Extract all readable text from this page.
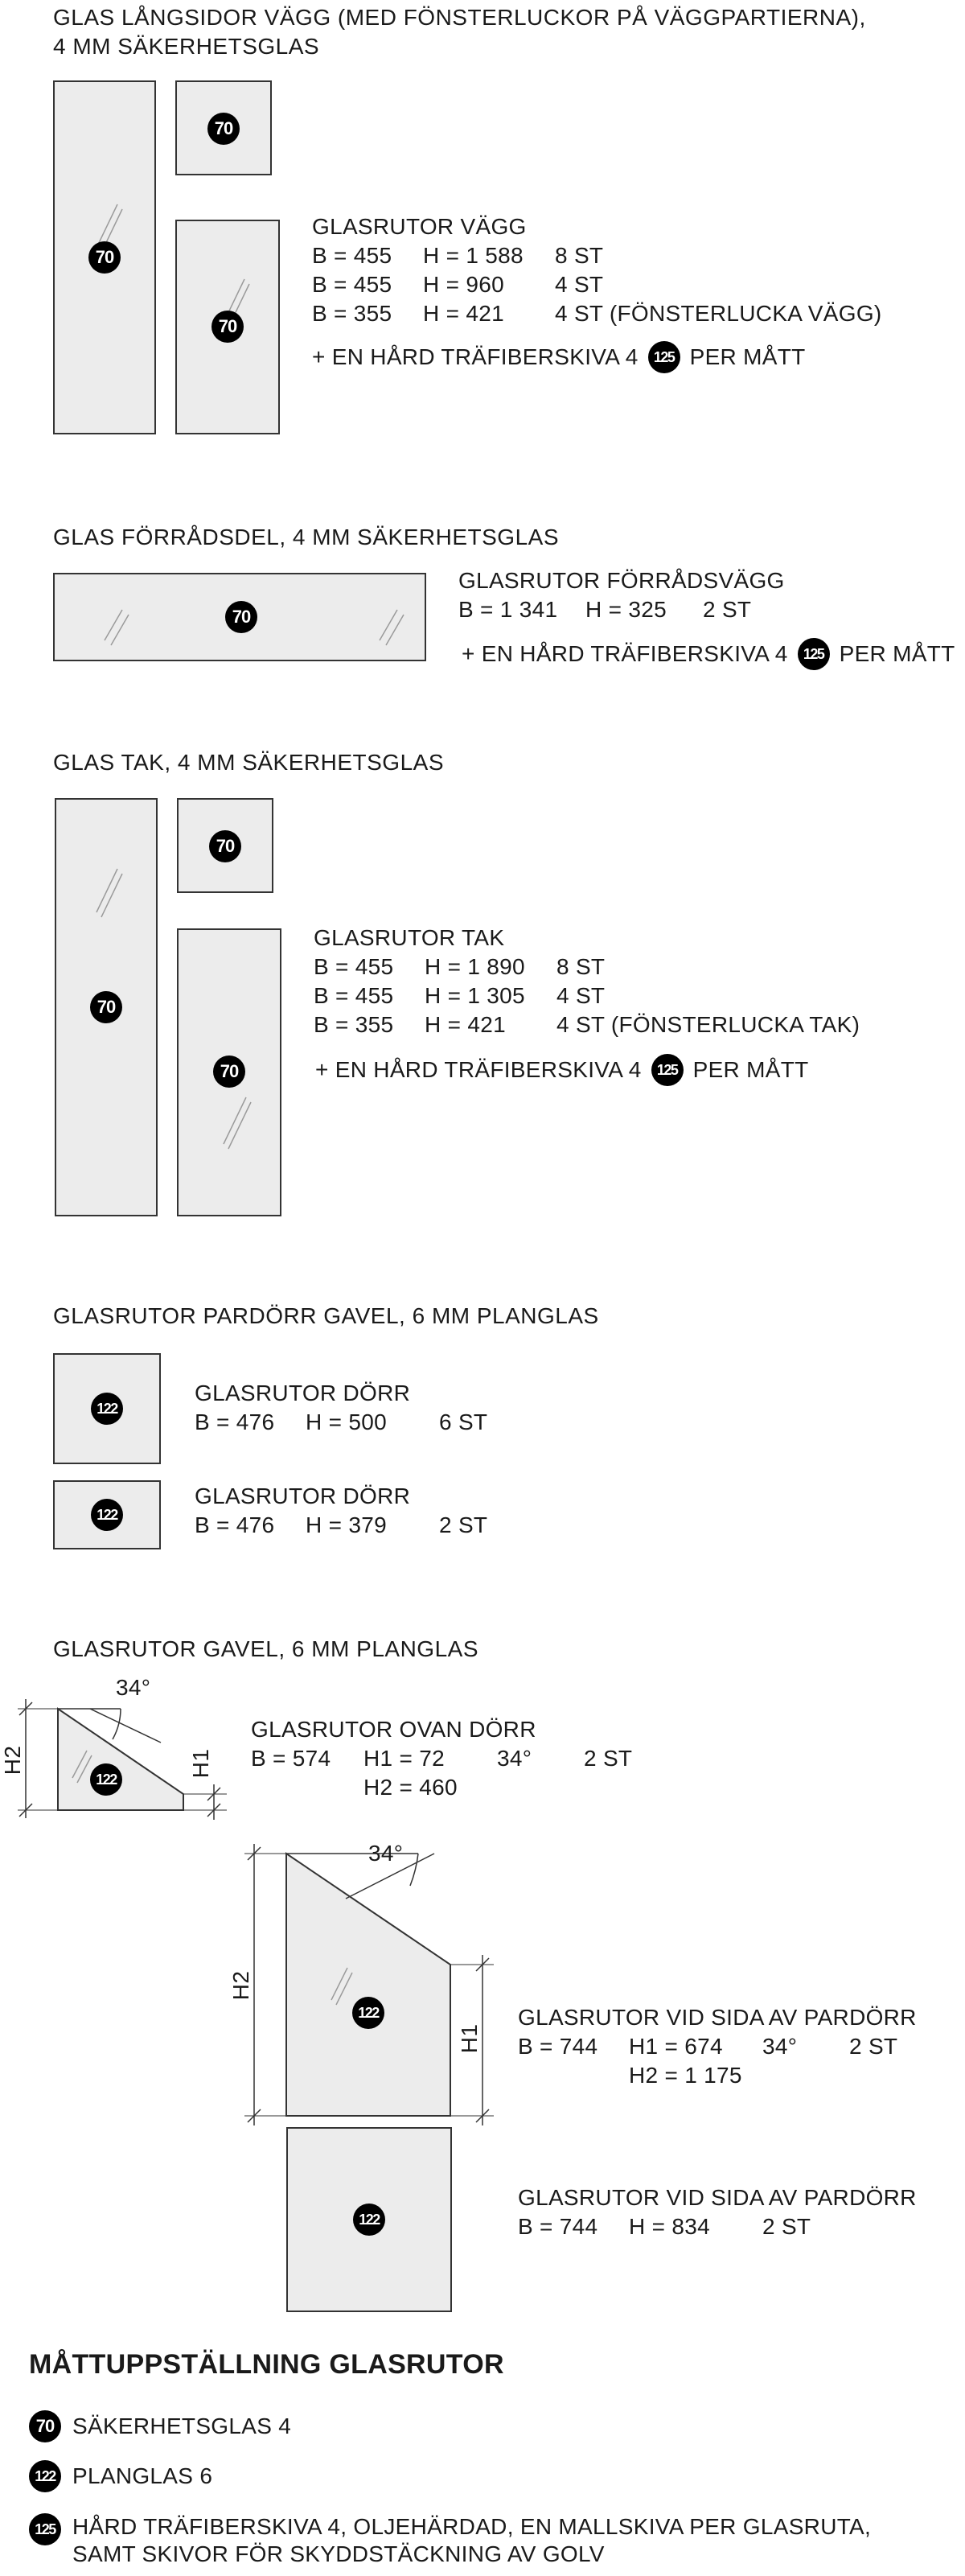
GLAS LÅNGSIDOR VÄGG (MED FÖNSTERLUCKOR PÅ VÄGGPARTIERNA),
4 MM SÄKERHETSGLAS
70
70
70
GLASRUTOR VÄGG
B = 455 H = 1 588 8 ST
B = 455 H = 960 4 ST
B = 355 H = 421 4 ST (FÖNSTERLUCKA VÄGG)
+ EN HÅRD TRÄFIBERSKIVA 4	125 PER MÅTT
GLAS FÖRRÅDSDEL, 4 MM SÄKERHETSGLAS
70
GLASRUTOR FÖRRÅDSVÄGG
B = 1 341 H = 325 2 ST
+ EN HÅRD TRÄFIBERSKIVA 4	125 PER MÅTT
GLAS TAK, 4 MM SÄKERHETSGLAS
70
70
70
GLASRUTOR TAK
B = 455 H = 1 890 8 ST
B = 455 H = 1 305 4 ST
B = 355 H = 421 4 ST (FÖNSTERLUCKA TAK)
+ EN HÅRD TRÄFIBERSKIVA 4	125 PER MÅTT
GLASRUTOR PARDÖRR GAVEL, 6 MM PLANGLAS
122
GLASRUTOR DÖRR
B = 476 H = 500 6 ST
122
GLASRUTOR DÖRR
B = 476 H = 379 2 ST
GLASRUTOR GAVEL, 6 MM PLANGLAS
122
34°
H2	H1
GLASRUTOR OVAN DÖRR
B = 574 H1 = 72 34° 2 ST
H2 = 460
122
34°
H2
H1
GLASRUTOR VID SIDA AV PARDÖRR
B = 744 H1 = 674 34° 2 ST
H2 = 1 175
122
GLASRUTOR VID SIDA AV PARDÖRR
B = 744 H = 834 2 ST
MÅTTUPPSTÄLLNING GLASRUTOR
70 SÄKERHETSGLAS 4
122 PLANGLAS 6
125 HÅRD TRÄFIBERSKIVA 4, OLJEHÄRDAD, EN MALLSKIVA PER GLASRUTA,
SAMT SKIVOR FÖR SKYDDSTÄCKNING AV GOLV
